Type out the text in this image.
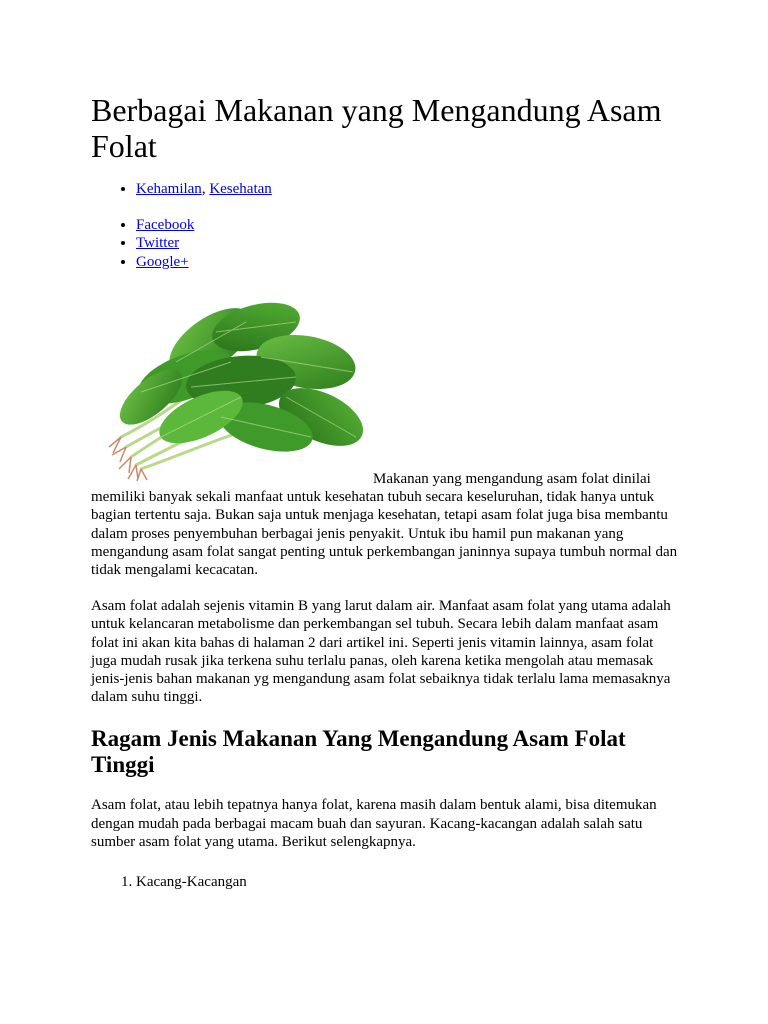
Berbagai Makanan yang Mengandung Asam Folat
• Kehamilan, Kesehatan
• Facebook
• Twitter
• Google+
Makanan yang mengandung asam folat dinilai memiliki banyak sekali manfaat untuk kesehatan tubuh secara keseluruhan, tidak hanya untuk bagian tertentu saja. Bukan saja untuk menjaga kesehatan, tetapi asam folat juga bisa membantu dalam proses penyembuhan berbagai jenis penyakit. Untuk ibu hamil pun makanan yang mengandung asam folat sangat penting untuk perkembangan janinnya supaya tumbuh normal dan tidak mengalami kecacatan.

Asam folat adalah sejenis vitamin B yang larut dalam air. Manfaat asam folat yang utama adalah untuk kelancaran metabolisme dan perkembangan sel tubuh. Secara lebih dalam manfaat asam folat ini akan kita bahas di halaman 2 dari artikel ini. Seperti jenis vitamin lainnya, asam folat juga mudah rusak jika terkena suhu terlalu panas, oleh karena ketika mengolah atau memasak jenis-jenis bahan makanan yg mengandung asam folat sebaiknya tidak terlalu lama memasaknya dalam suhu tinggi.

Ragam Jenis Makanan Yang Mengandung Asam Folat Tinggi

Asam folat, atau lebih tepatnya hanya folat, karena masih dalam bentuk alami, bisa ditemukan dengan mudah pada berbagai macam buah dan sayuran. Kacang-kacangan adalah salah satu sumber asam folat yang utama. Berikut selengkapnya.

1. Kacang-Kacangan
